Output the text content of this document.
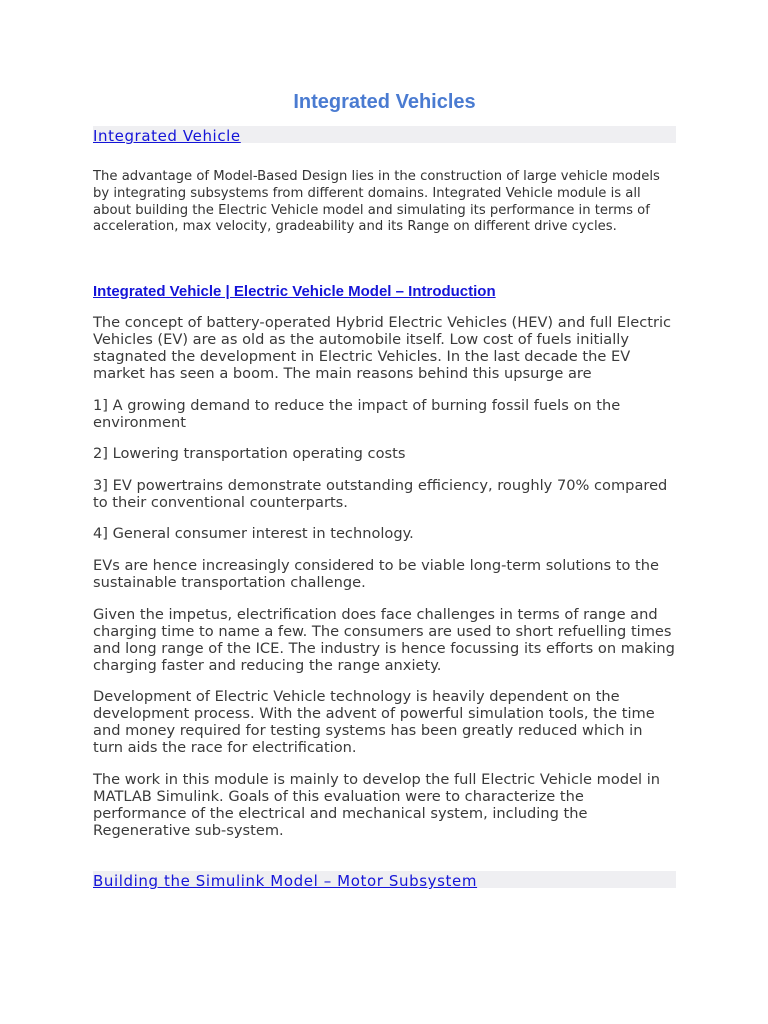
Integrated Vehicles
Integrated Vehicle

The advantage of Model-Based Design lies in the construction of large vehicle models by integrating subsystems from different domains. Integrated Vehicle module is all about building the Electric Vehicle model and simulating its performance in terms of acceleration, max velocity, gradeability and its Range on different drive cycles.

Integrated Vehicle | Electric Vehicle Model – Introduction

The concept of battery-operated Hybrid Electric Vehicles (HEV) and full Electric Vehicles (EV) are as old as the automobile itself. Low cost of fuels initially stagnated the development in Electric Vehicles. In the last decade the EV market has seen a boom. The main reasons behind this upsurge are

1] A growing demand to reduce the impact of burning fossil fuels on the environment

2] Lowering transportation operating costs

3] EV powertrains demonstrate outstanding efficiency, roughly 70% compared to their conventional counterparts.

4] General consumer interest in technology.

EVs are hence increasingly considered to be viable long-term solutions to the sustainable transportation challenge.

Given the impetus, electrification does face challenges in terms of range and charging time to name a few. The consumers are used to short refuelling times and long range of the ICE. The industry is hence focussing its efforts on making charging faster and reducing the range anxiety.

Development of Electric Vehicle technology is heavily dependent on the development process. With the advent of powerful simulation tools, the time and money required for testing systems has been greatly reduced which in turn aids the race for electrification.

The work in this module is mainly to develop the full Electric Vehicle model in MATLAB Simulink. Goals of this evaluation were to characterize the performance of the electrical and mechanical system, including the Regenerative sub-system.

Building the Simulink Model – Motor Subsystem
